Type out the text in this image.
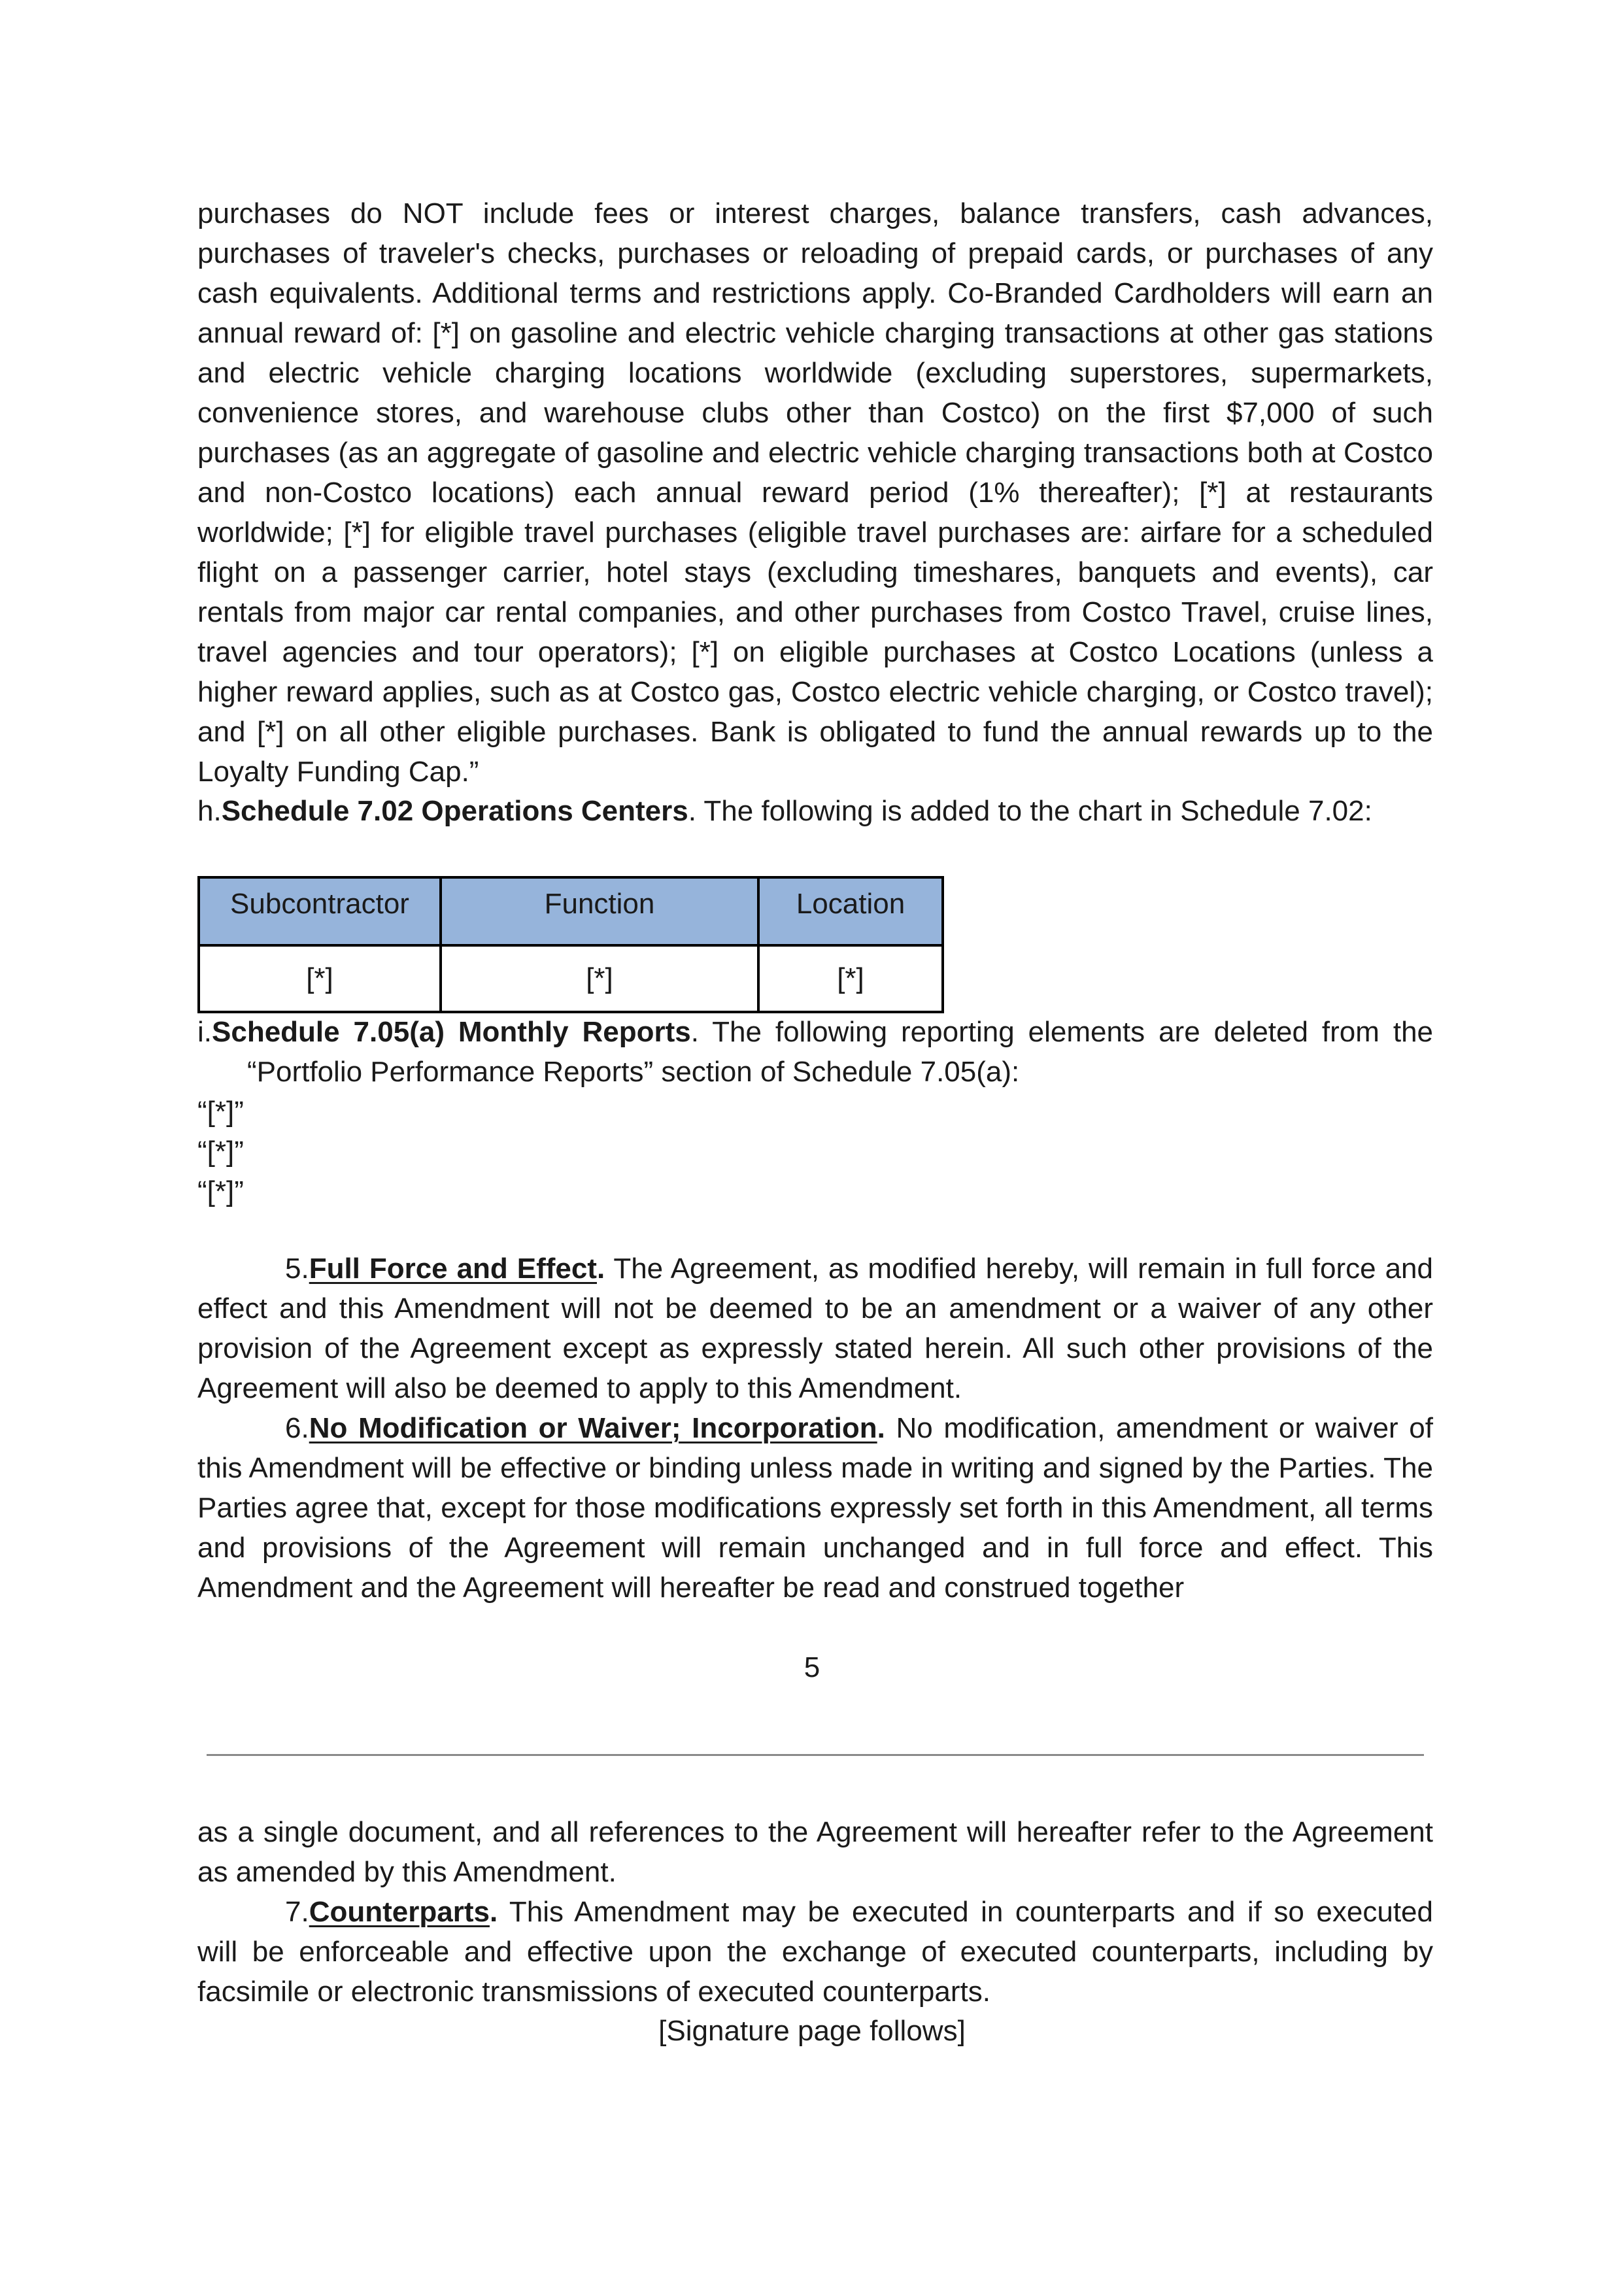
purchases do NOT include fees or interest charges, balance transfers, cash advances, purchases of traveler's checks, purchases or reloading of prepaid cards, or purchases of any cash equivalents. Additional terms and restrictions apply. Co-Branded Cardholders will earn an annual reward of: [*] on gasoline and electric vehicle charging transactions at other gas stations and electric vehicle charging locations worldwide (excluding superstores, supermarkets, convenience stores, and warehouse clubs other than Costco) on the first $7,000 of such purchases (as an aggregate of gasoline and electric vehicle charging transactions both at Costco and non-Costco locations) each annual reward period (1% thereafter); [*] at restaurants worldwide; [*] for eligible travel purchases (eligible travel purchases are: airfare for a scheduled flight on a passenger carrier, hotel stays (excluding timeshares, banquets and events), car rentals from major car rental companies, and other purchases from Costco Travel, cruise lines, travel agencies and tour operators); [*] on eligible purchases at Costco Locations (unless a higher reward applies, such as at Costco gas, Costco electric vehicle charging, or Costco travel); and [*] on all other eligible purchases. Bank is obligated to fund the annual rewards up to the Loyalty Funding Cap.”

h.Schedule 7.02 Operations Centers. The following is added to the chart in Schedule 7.02:

Subcontractor	Function	Location
[*]	[*]	[*]

i.Schedule 7.05(a) Monthly Reports. The following reporting elements are deleted from the

“Portfolio Performance Reports” section of Schedule 7.05(a):

“[*]”

“[*]”

“[*]”

5.Full Force and Effect. The Agreement, as modified hereby, will remain in full force and effect and this Amendment will not be deemed to be an amendment or a waiver of any other provision of the Agreement except as expressly stated herein. All such other provisions of the Agreement will also be deemed to apply to this Amendment.

6.No Modification or Waiver; Incorporation. No modification, amendment or waiver of this Amendment will be effective or binding unless made in writing and signed by the Parties. The Parties agree that, except for those modifications expressly set forth in this Amendment, all terms and provisions of the Agreement will remain unchanged and in full force and effect. This Amendment and the Agreement will hereafter be read and construed together

5

as a single document, and all references to the Agreement will hereafter refer to the Agreement as amended by this Amendment.

7.Counterparts. This Amendment may be executed in counterparts and if so executed will be enforceable and effective upon the exchange of executed counterparts, including by facsimile or electronic transmissions of executed counterparts.

[Signature page follows]
